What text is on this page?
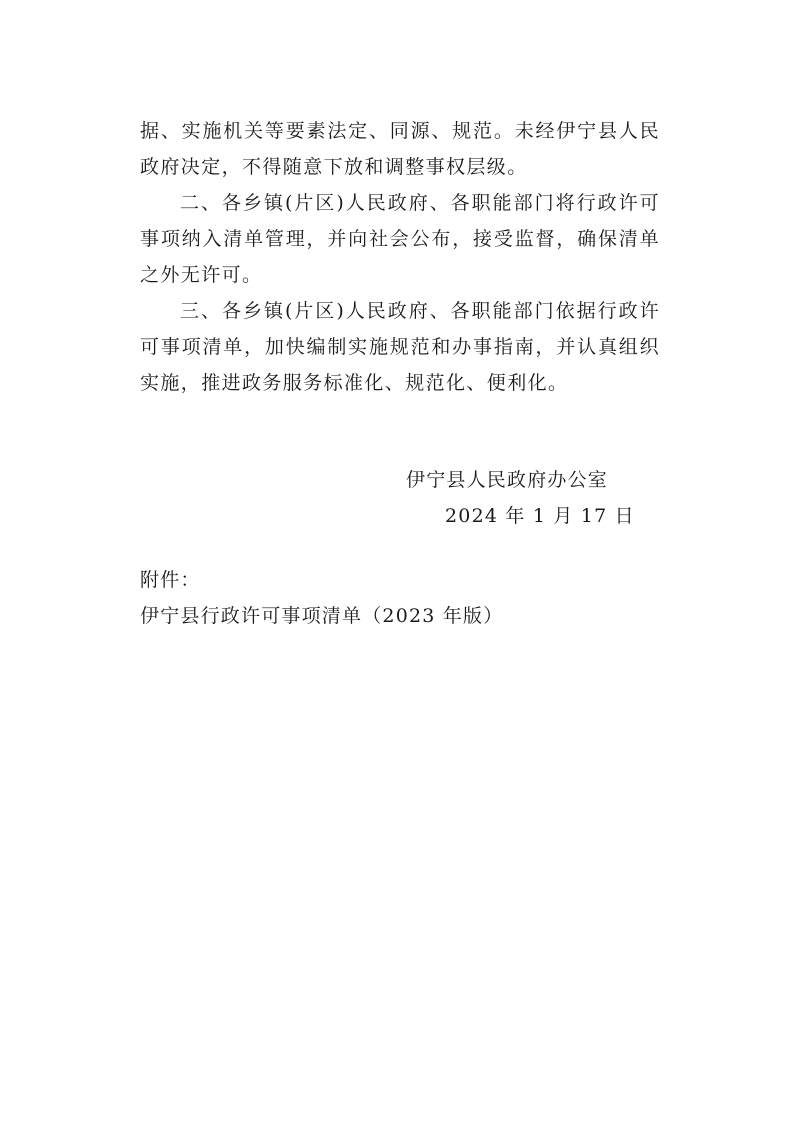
据、实施机关等要素法定、同源、规范。未经伊宁县人民政府决定，不得随意下放和调整事权层级。

二、各乡镇(片区)人民政府、各职能部门将行政许可事项纳入清单管理，并向社会公布，接受监督，确保清单之外无许可。

三、各乡镇(片区)人民政府、各职能部门依据行政许可事项清单，加快编制实施规范和办事指南，并认真组织实施，推进政务服务标准化、规范化、便利化。

伊宁县人民政府办公室

2024 年 1 月 17 日

附件：

伊宁县行政许可事项清单（2023 年版）
